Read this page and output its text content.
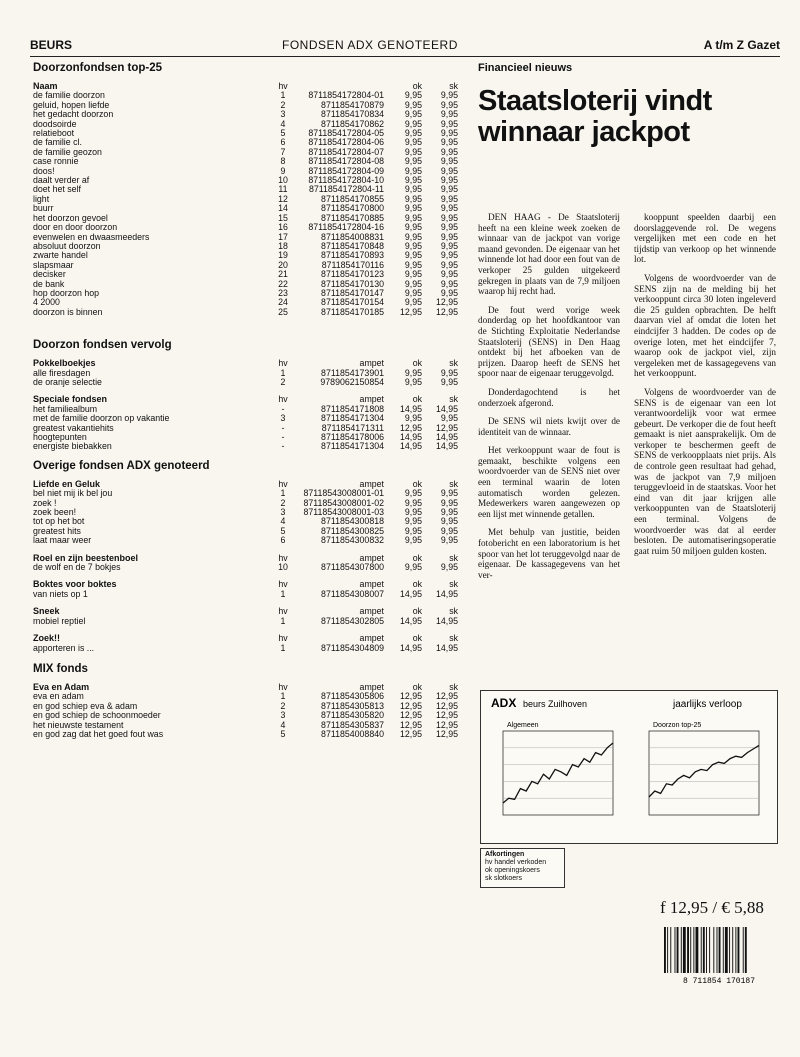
BEURS	FONDSEN ADX GENOTEERD	A t/m Z Gazet
Doorzonfondsen top-25
Naam	hv		ok	sk
de familie doorzon	1	8711854172804-01	9,95	9,95
geluid, hopen liefde	2	8711854170879	9,95	9,95
het gedacht doorzon	3	8711854170834	9,95	9,95
doodsoirde	4	8711854170862	9,95	9,95
relatieboot	5	8711854172804-05	9,95	9,95
de familie cl.	6	8711854172804-06	9,95	9,95
de familie geozon	7	8711854172804-07	9,95	9,95
case ronnie	8	8711854172804-08	9,95	9,95
doos!	9	8711854172804-09	9,95	9,95
daalt verder af	10	8711854172804-10	9,95	9,95
doet het self	11	8711854172804-11	9,95	9,95
light	12	8711854170855	9,95	9,95
buurr	14	8711854170800	9,95	9,95
het doorzon gevoel	15	8711854170885	9,95	9,95
door en door doorzon	16	8711854172804-16	9,95	9,95
evenwelen en dwaasmeeders	17	8711854008831	9,95	9,95
absoluut doorzon	18	8711854170848	9,95	9,95
zwarte handel	19	8711854170893	9,95	9,95
slapsmaar	20	8711854170116	9,95	9,95
decisker	21	8711854170123	9,95	9,95
de bank	22	8711854170130	9,95	9,95
hop doorzon hop	23	8711854170147	9,95	9,95
4 2000	24	8711854170154	9,95	12,95
doorzon is binnen	25	8711854170185	12,95	12,95
Doorzon fondsen vervolg
Pokkelboekjes	hv	ampet	ok	sk
alle firesdagen	1	8711854173901	9,95	9,95
de oranje selectie	2	9789062150854	9,95	9,95
Speciale fondsen	hv	ampet	ok	sk
het familiealbum	-	8711854171808	14,95	14,95
met de familie doorzon op vakantie	3	8711854171304	9,95	9,95
greatest vakantiehits	-	8711854171311	12,95	12,95
hoogtepunten	-	8711854178006	14,95	14,95
energiste biebakken	-	8711854171304	14,95	14,95
Overige fondsen ADX genoteerd
Liefde en Geluk	hv	ampet	ok	sk
bel niet mij ik bel jou	1	87118543008001-01	9,95	9,95
zoek !	2	87118543008001-02	9,95	9,95
zoek been!	3	87118543008001-03	9,95	9,95
tot op het bot	4	8711854300818	9,95	9,95
greatest hits	5	8711854300825	9,95	9,95
laat maar weer	6	8711854300832	9,95	9,95
Roel en zijn beestenboel	hv	ampet	ok	sk
de wolf en de 7 bokjes	10	8711854307800	9,95	9,95
Boktes voor boktes	hv	ampet	ok	sk
van niets op 1	1	8711854308007	14,95	14,95
Sneek	hv	ampet	ok	sk
mobiel reptiel	1	8711854302805	14,95	14,95
Zoek!!	hv	ampet	ok	sk
apporteren is ...	1	8711854304809	14,95	14,95
MIX fonds
Eva en Adam	hv	ampet	ok	sk
eva en adam	1	8711854305806	12,95	12,95
en god schiep eva & adam	2	8711854305813	12,95	12,95
en god schiep de schoonmoeder	3	8711854305820	12,95	12,95
het nieuwste testament	4	8711854305837	12,95	12,95
en god zag dat het goed fout was	5	8711854008840	12,95	12,95
Financieel nieuws
Staatsloterij vindt winnaar jackpot

DEN HAAG - De Staatsloterij heeft na een kleine week zoeken de winnaar van de jackpot van vorige maand gevonden. De eigenaar van het winnende lot had door een fout van de verkoper 25 gulden uitgekeerd gekregen in plaats van de 7,9 miljoen waarop hij recht had.

De fout werd vorige week donderdag op het hoofdkantoor van de Stichting Exploitatie Nederlandse Staatsloterij (SENS) in Den Haag ontdekt bij het afboeken van de prijzen. Daarop heeft de SENS het spoor naar de eigenaar teruggevolgd.

Donderdagochtend is het onderzoek afgerond.

De SENS wil niets kwijt over de identiteit van de winnaar.

Het verkooppunt waar de fout is gemaakt, beschikte volgens een woordvoerder van de SENS niet over een terminal waarin de loten automatisch worden gelezen. Medewerkers waren aangewezen op een lijst met winnende getallen.

Met behulp van justitie, beiden fotobericht en een laboratorium is het spoor van het lot teruggevolgd naar de eigenaar. De kassagegevens van het ver-

kooppunt speelden daarbij een doorslaggevende rol. De wegens vergelijken met een code en het tijdstip van verkoop op het winnende lot.

Volgens de woordvoerder van de SENS zijn na de melding bij het verkooppunt circa 30 loten ingeleverd die 25 gulden opbrachten. De helft daarvan viel af omdat die loten het eindcijfer 3 hadden. De codes op de overige loten, met het eindcijfer 7, waarop ook de jackpot viel, zijn vergeleken met de kassagegevens van het verkooppunt.

Volgens de woordvoerder van de SENS is de eigenaar van een lot verantwoordelijk voor wat ermee gebeurt. De verkoper die de fout heeft gemaakt is niet aansprakelijk. Om de verkoper te beschermen geeft de SENS de verkoopplaats niet prijs. Als de controle geen resultaat had gehad, was de jackpot van 7,9 miljoen teruggevloeid in de staatskas. Voor het eind van dit jaar krijgen alle verkooppunten van de Staatsloterij een terminal. Volgens de woordvoerder was dat al eerder besloten. De automatiseringsoperatie gaat ruim 50 miljoen gulden kosten.

ADX beurs Zuilhoven	jaarlijks verloop
Algemeen	Doorzon top-25
Afkortingen
hv handel verkoden
ok openingskoers
sk slotkoers
f 12,95 / € 5,88
8 711854 170187
